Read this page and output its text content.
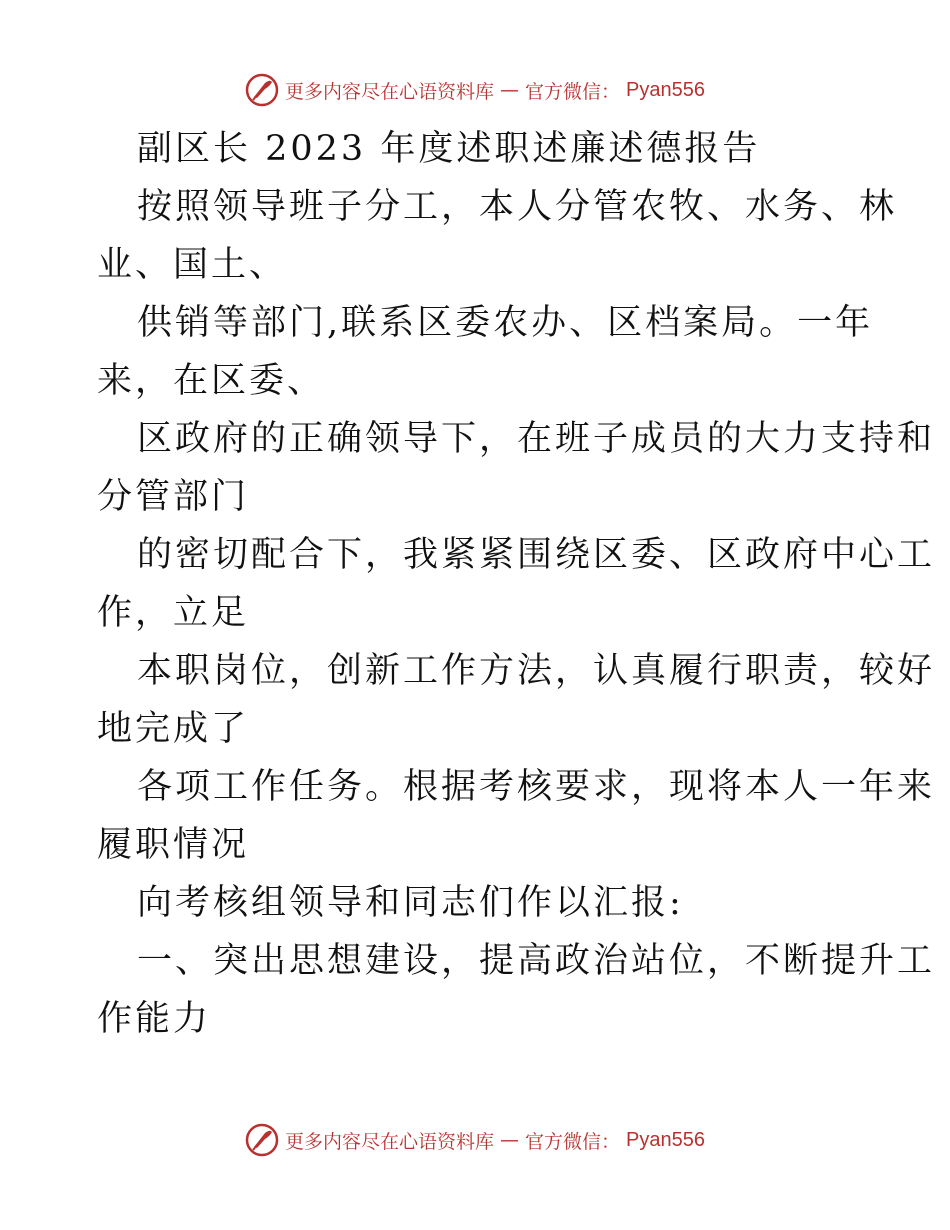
更多内容尽在心语资料库 — 官方微信： Pyan556
副区长 2023 年度述职述廉述德报告
按照领导班子分工，本人分管农牧、水务、林
业、国土、
供销等部门,联系区委农办、区档案局。一年
来，在区委、
区政府的正确领导下，在班子成员的大力支持和
分管部门
的密切配合下，我紧紧围绕区委、区政府中心工
作，立足
本职岗位，创新工作方法，认真履行职责，较好
地完成了
各项工作任务。根据考核要求，现将本人一年来
履职情况
向考核组领导和同志们作以汇报:
一、突出思想建设，提高政治站位，不断提升工
作能力
更多内容尽在心语资料库 — 官方微信： Pyan556
